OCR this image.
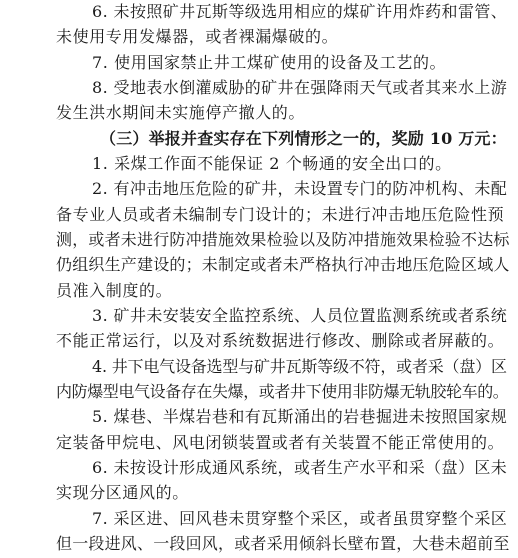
6. 未按照矿井瓦斯等级选用相应的煤矿许用炸药和雷管、
未使用专用发爆器，或者裸漏爆破的。
7. 使用国家禁止井工煤矿使用的设备及工艺的。
8. 受地表水倒灌威胁的矿井在强降雨天气或者其来水上游
发生洪水期间未实施停产撤人的。
（三）举报并查实存在下列情形之一的，奖励 10 万元：
1. 采煤工作面不能保证 2 个畅通的安全出口的。
2. 有冲击地压危险的矿井，未设置专门的防冲机构、未配
备专业人员或者未编制专门设计的；未进行冲击地压危险性预
测，或者未进行防冲措施效果检验以及防冲措施效果检验不达标
仍组织生产建设的；未制定或者未严格执行冲击地压危险区域人
员准入制度的。
3. 矿井未安装安全监控系统、人员位置监测系统或者系统
不能正常运行，以及对系统数据进行修改、删除或者屏蔽的。
4. 井下电气设备选型与矿井瓦斯等级不符，或者采（盘）区
内防爆型电气设备存在失爆，或者井下使用非防爆无轨胶轮车的。
5. 煤巷、半煤岩巷和有瓦斯涌出的岩巷掘进未按照国家规
定装备甲烷电、风电闭锁装置或者有关装置不能正常使用的。
6. 未按设计形成通风系统，或者生产水平和采（盘）区未
实现分区通风的。
7. 采区进、回风巷未贯穿整个采区，或者虽贯穿整个采区
但一段进风、一段回风，或者采用倾斜长壁布置，大巷未超前至
